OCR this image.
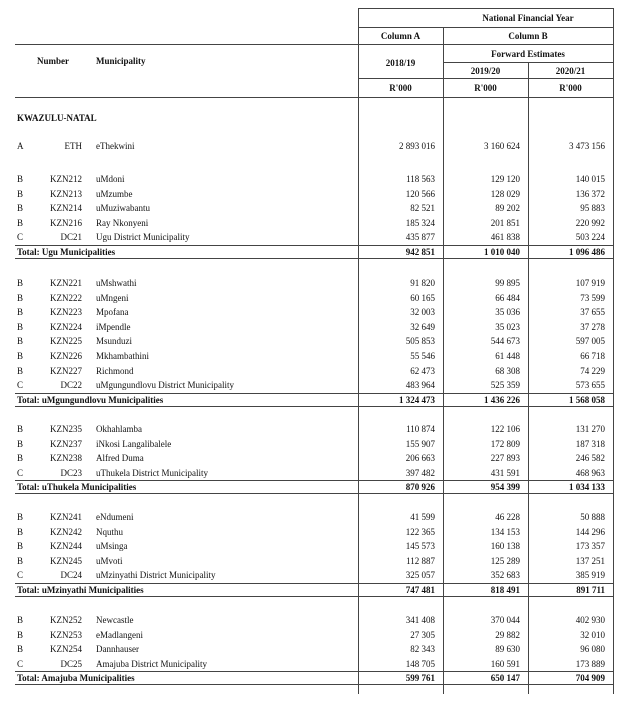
National Financial Year
Column A	Column B
Number	Municipality
Forward Estimates
2018/19
2019/20	2020/21
R'000	R'000	R'000
KWAZULU-NATAL
A	ETH eThekwini	2 893 016	3 160 624	3 473 156
B	KZN212 uMdoni	118 563	129 120	140 015
B	KZN213 uMzumbe	120 566	128 029	136 372
B	KZN214 uMuziwabantu	82 521	89 202	95 883
B	KZN216 Ray Nkonyeni	185 324	201 851	220 992
C	DC21 Ugu District Municipality	435 877	461 838	503 224
Total: Ugu Municipalities	942 851	1 010 040	1 096 486
B	KZN221 uMshwathi	91 820	99 895	107 919
B	KZN222 uMngeni	60 165	66 484	73 599
B	KZN223 Mpofana	32 003	35 036	37 655
B	KZN224 iMpendle	32 649	35 023	37 278
B	KZN225 Msunduzi	505 853	544 673	597 005
B	KZN226 Mkhambathini	55 546	61 448	66 718
B	KZN227 Richmond	62 473	68 308	74 229
C	DC22 uMgungundlovu District Municipality	483 964	525 359	573 655
Total: uMgungundlovu Municipalities	1 324 473	1 436 226	1 568 058
B	KZN235 Okhahlamba	110 874	122 106	131 270
B	KZN237 iNkosi Langalibalele	155 907	172 809	187 318
B	KZN238 Alfred Duma	206 663	227 893	246 582
C	DC23 uThukela District Municipality	397 482	431 591	468 963
Total: uThukela Municipalities	870 926	954 399	1 034 133
B	KZN241 eNdumeni	41 599	46 228	50 888
B	KZN242 Nquthu	122 365	134 153	144 296
B	KZN244 uMsinga	145 573	160 138	173 357
B	KZN245 uMvoti	112 887	125 289	137 251
C	DC24 uMzinyathi District Municipality	325 057	352 683	385 919
Total: uMzinyathi Municipalities	747 481	818 491	891 711
B	KZN252 Newcastle	341 408	370 044	402 930
B	KZN253 eMadlangeni	27 305	29 882	32 010
B	KZN254 Dannhauser	82 343	89 630	96 080
C	DC25 Amajuba District Municipality	148 705	160 591	173 889
Total: Amajuba Municipalities	599 761	650 147	704 909
